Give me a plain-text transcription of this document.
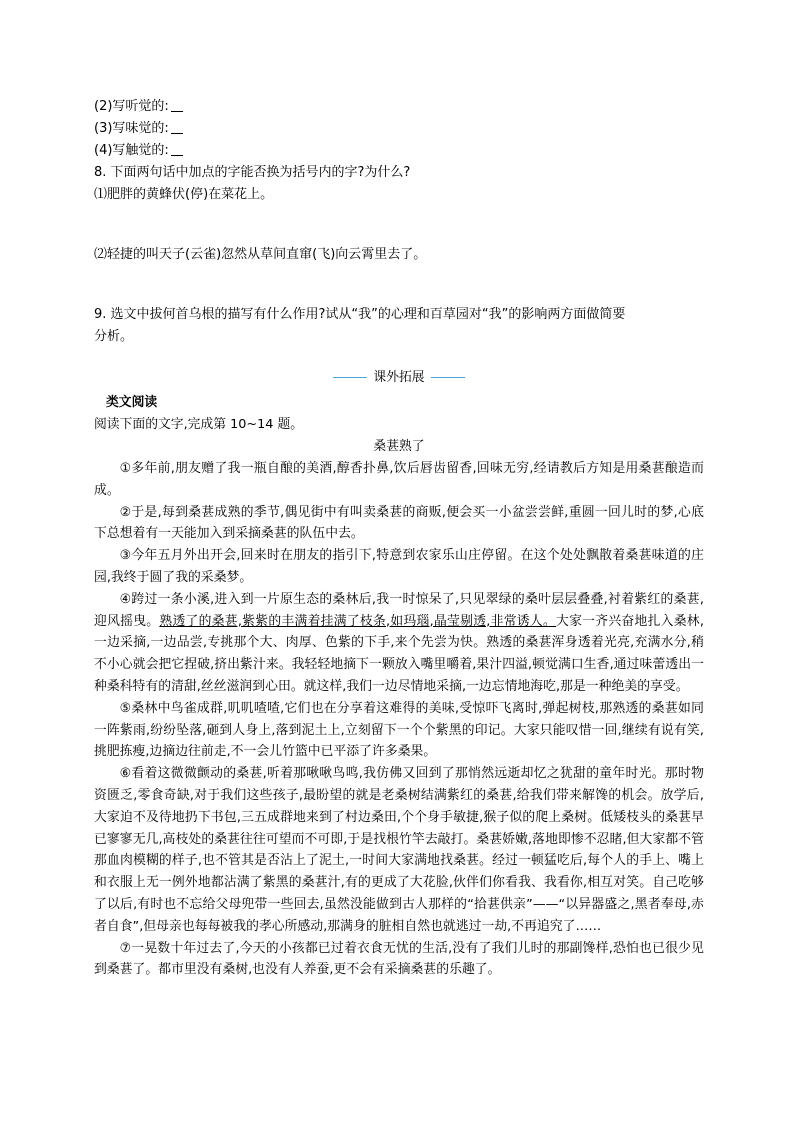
(2)写听觉的:
(3)写味觉的:
(4)写触觉的:
8. 下面两句话中加点的字能否换为括号内的字?为什么?
⑴肥胖的黄蜂伏(停)在菜花上。
⑵轻捷的叫天子(云雀)忽然从草间直窜(飞)向云霄里去了。
9. 选文中拔何首乌根的描写有什么作用?试从“我”的心理和百草园对“我”的影响两方面做简要
分析。
课外拓展
类文阅读
阅读下面的文字,完成第 10~14 题。
桑葚熟了
①多年前,朋友赠了我一瓶自酿的美酒,醇香扑鼻,饮后唇齿留香,回味无穷,经请教后方知是用桑葚酿造而成。
②于是,每到桑葚成熟的季节,偶见街中有叫卖桑葚的商贩,便会买一小盆尝尝鲜,重圆一回儿时的梦,心底下总想着有一天能加入到采摘桑葚的队伍中去。
③今年五月外出开会,回来时在朋友的指引下,特意到农家乐山庄停留。在这个处处飘散着桑葚味道的庄园,我终于圆了我的采桑梦。
④跨过一条小溪,进入到一片原生态的桑林后,我一时惊呆了,只见翠绿的桑叶层层叠叠,衬着紫红的桑葚,迎风摇曳。熟透了的桑葚,紫紫的丰满着挂满了枝条,如玛瑙,晶莹剔透,非常诱人。大家一齐兴奋地扎入桑林,一边采摘,一边品尝,专挑那个大、肉厚、色紫的下手,来个先尝为快。熟透的桑葚浑身透着光亮,充满水分,稍不小心就会把它捏破,挤出紫汁来。我轻轻地摘下一颗放入嘴里嚼着,果汁四溢,顿觉满口生香,通过味蕾透出一种桑科特有的清甜,丝丝滋润到心田。就这样,我们一边尽情地采摘,一边忘情地海吃,那是一种绝美的享受。
⑤桑林中鸟雀成群,叽叽喳喳,它们也在分享着这难得的美味,受惊吓飞离时,弹起树枝,那熟透的桑葚如同一阵紫雨,纷纷坠落,砸到人身上,落到泥土上,立刻留下一个个紫黑的印记。大家只能叹惜一回,继续有说有笑,挑肥拣瘦,边摘边往前走,不一会儿竹篮中已平添了许多桑果。
⑥看着这微微颤动的桑葚,听着那啾啾鸟鸣,我仿佛又回到了那悄然远逝却忆之犹甜的童年时光。那时物资匮乏,零食奇缺,对于我们这些孩子,最盼望的就是老桑树结满紫红的桑葚,给我们带来解馋的机会。放学后,大家迫不及待地扔下书包,三五成群地来到了村边桑田,个个身手敏捷,猴子似的爬上桑树。低矮枝头的桑葚早已寥寥无几,高枝处的桑葚往往可望而不可即,于是找根竹竿去敲打。桑葚娇嫩,落地即惨不忍睹,但大家都不管那血肉模糊的样子,也不管其是否沾上了泥土,一时间大家满地找桑葚。经过一顿猛吃后,每个人的手上、嘴上和衣服上无一例外地都沾满了紫黑的桑葚汁,有的更成了大花脸,伙伴们你看我、我看你,相互对笑。自己吃够了以后,有时也不忘给父母兜带一些回去,虽然没能做到古人那样的“拾葚供亲”——“以异器盛之,黑者奉母,赤者自食”,但母亲也每每被我的孝心所感动,那满身的脏相自然也就逃过一劫,不再追究了……
⑦一晃数十年过去了,今天的小孩都已过着衣食无忧的生活,没有了我们儿时的那副馋样,恐怕也已很少见到桑葚了。都市里没有桑树,也没有人养蚕,更不会有采摘桑葚的乐趣了。
